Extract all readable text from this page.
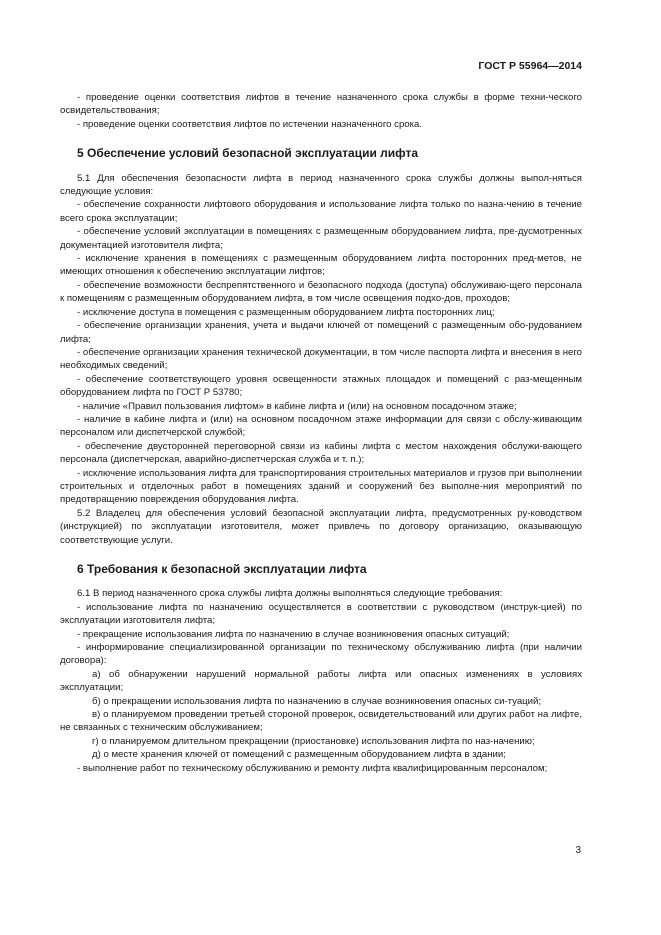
ГОСТ Р 55964—2014

- проведение оценки соответствия лифтов в течение назначенного срока службы в форме техни-ческого освидетельствования;

- проведение оценки соответствия лифтов по истечении назначенного срока.

5 Обеспечение условий безопасной эксплуатации лифта

5.1 Для обеспечения безопасности лифта в период назначенного срока службы должны выпол-няться следующие условия:

- обеспечение сохранности лифтового оборудования и использование лифта только по назна-чению в течение всего срока эксплуатации;

- обеспечение условий эксплуатации в помещениях с размещенным оборудованием лифта, пре-дусмотренных документацией изготовителя лифта;

- исключение хранения в помещениях с размещенным оборудованием лифта посторонних пред-метов, не имеющих отношения к обеспечению эксплуатации лифтов;

- обеспечение возможности беспрепятственного и безопасного подхода (доступа) обслуживаю-щего персонала к помещениям с размещенным оборудованием лифта, в том числе освещения подхо-дов, проходов;

- исключение доступа в помещения с размещенным оборудованием лифта посторонних лиц;

- обеспечение организации хранения, учета и выдачи ключей от помещений с размещенным обо-рудованием лифта;

- обеспечение организации хранения технической документации, в том числе паспорта лифта и внесения в него необходимых сведений;

- обеспечение соответствующего уровня освещенности этажных площадок и помещений с раз-мещенным оборудованием лифта по ГОСТ Р 53780;

- наличие «Правил пользования лифтом» в кабине лифта и (или) на основном посадочном этаже;

- наличие в кабине лифта и (или) на основном посадочном этаже информации для связи с обслу-живающим персоналом или диспетчерской службой;

- обеспечение двусторонней переговорной связи из кабины лифта с местом нахождения обслужи-вающего персонала (диспетчерская, аварийно-диспетчерская служба и т. п.);

- исключение использования лифта для транспортирования строительных материалов и грузов при выполнении строительных и отделочных работ в помещениях зданий и сооружений без выполне-ния мероприятий по предотвращению повреждения оборудования лифта.

5.2 Владелец для обеспечения условий безопасной эксплуатации лифта, предусмотренных ру-ководством (инструкцией) по эксплуатации изготовителя, может привлечь по договору организацию, оказывающую соответствующие услуги.

6 Требования к безопасной эксплуатации лифта

6.1 В период назначенного срока службы лифта должны выполняться следующие требования:

- использование лифта по назначению осуществляется в соответствии с руководством (инструк-цией) по эксплуатации изготовителя лифта;

- прекращение использования лифта по назначению в случае возникновения опасных ситуаций;

- информирование специализированной организации по техническому обслуживанию лифта (при наличии договора):

а) об обнаружении нарушений нормальной работы лифта или опасных изменениях в условиях эксплуатации;

б) о прекращении использования лифта по назначению в случае возникновения опасных си-туаций;

в) о планируемом проведении третьей стороной проверок, освидетельствований или других работ на лифте, не связанных с техническим обслуживанием;

г) о планируемом длительном прекращении (приостановке) использования лифта по наз-начению;

д) о месте хранения ключей от помещений с размещенным оборудованием лифта в здании;

- выполнение работ по техническому обслуживанию и ремонту лифта квалифицированным персоналом;

3
